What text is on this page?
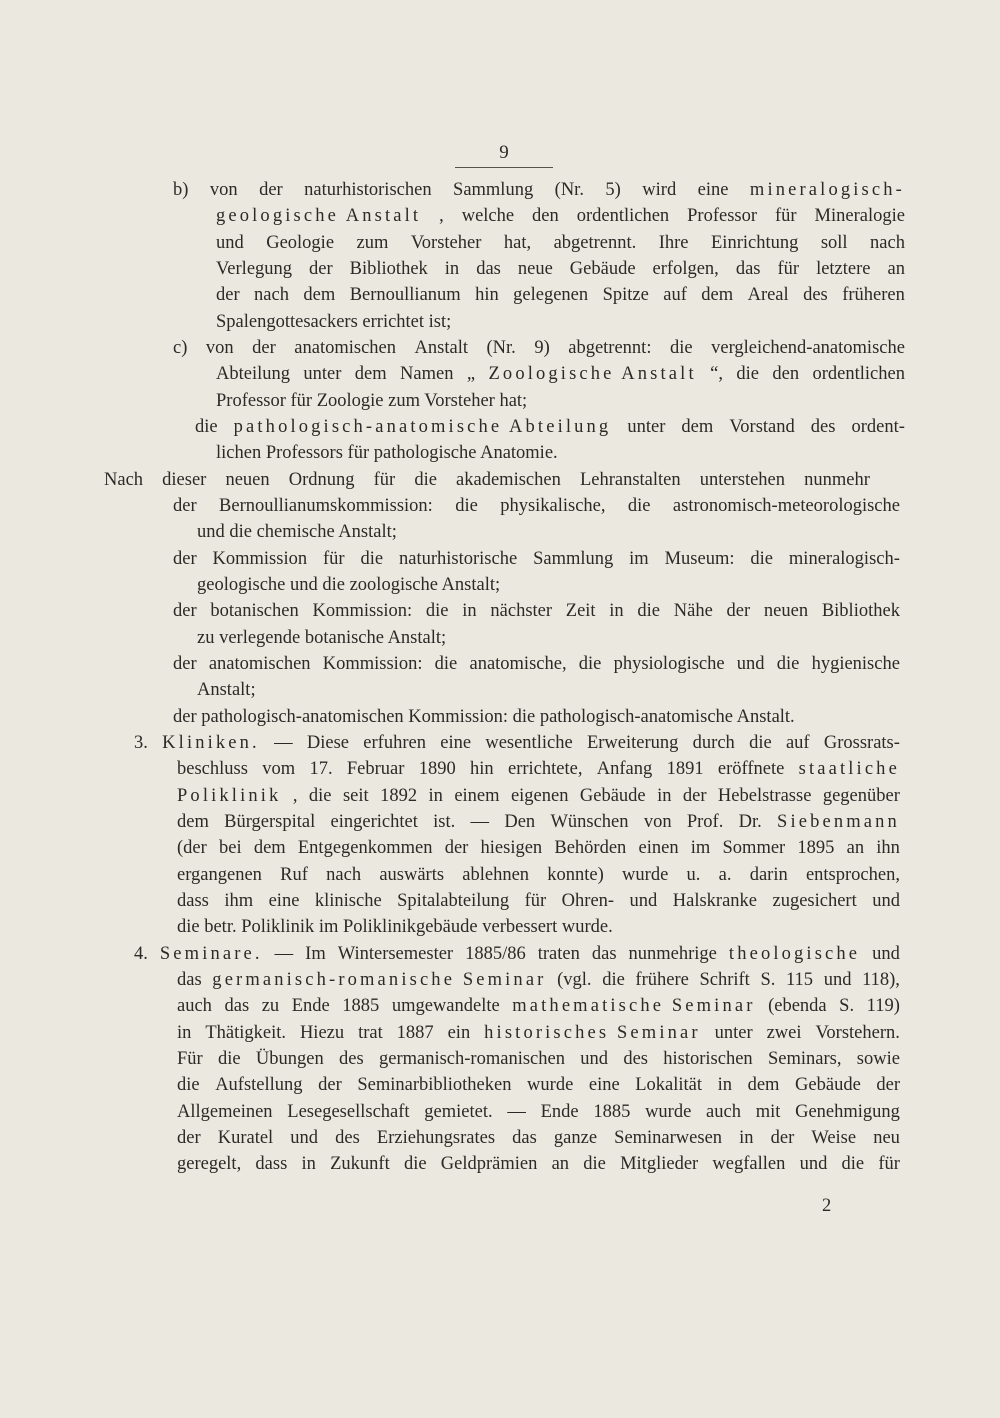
9
b) von der naturhistorischen Sammlung (Nr. 5) wird eine mineralogisch-
geologische Anstalt , welche den ordentlichen Professor für Mineralogie
und Geologie zum Vorsteher hat, abgetrennt. Ihre Einrichtung soll nach
Verlegung der Bibliothek in das neue Gebäude erfolgen, das für letztere an
der nach dem Bernoullianum hin gelegenen Spitze auf dem Areal des früheren
Spalengottesackers errichtet ist;
c) von der anatomischen Anstalt (Nr. 9) abgetrennt: die vergleichend-anatomische
Abteilung unter dem Namen „ Zoologische Anstalt “, die den ordentlichen
Professor für Zoologie zum Vorsteher hat;
die pathologisch-anatomische Abteilung unter dem Vorstand des ordent-
lichen Professors für pathologische Anatomie.
Nach dieser neuen Ordnung für die akademischen Lehranstalten unterstehen nunmehr
der Bernoullianumskommission: die physikalische, die astronomisch-meteorologische
und die chemische Anstalt;
der Kommission für die naturhistorische Sammlung im Museum: die mineralogisch-
geologische und die zoologische Anstalt;
der botanischen Kommission: die in nächster Zeit in die Nähe der neuen Bibliothek
zu verlegende botanische Anstalt;
der anatomischen Kommission: die anatomische, die physiologische und die hygienische
Anstalt;
der pathologisch-anatomischen Kommission: die pathologisch-anatomische Anstalt.
3. Kliniken. — Diese erfuhren eine wesentliche Erweiterung durch die auf Grossrats-
beschluss vom 17. Februar 1890 hin errichtete, Anfang 1891 eröffnete staatliche
Poliklinik , die seit 1892 in einem eigenen Gebäude in der Hebelstrasse gegenüber
dem Bürgerspital eingerichtet ist. — Den Wünschen von Prof. Dr. Siebenmann
(der bei dem Entgegenkommen der hiesigen Behörden einen im Sommer 1895 an ihn
ergangenen Ruf nach auswärts ablehnen konnte) wurde u. a. darin entsprochen,
dass ihm eine klinische Spitalabteilung für Ohren- und Halskranke zugesichert und
die betr. Poliklinik im Poliklinikgebäude verbessert wurde.
4. Seminare. — Im Wintersemester 1885/86 traten das nunmehrige theologische und
das germanisch-romanische Seminar (vgl. die frühere Schrift S. 115 und 118),
auch das zu Ende 1885 umgewandelte mathematische Seminar (ebenda S. 119)
in Thätigkeit. Hiezu trat 1887 ein historisches Seminar unter zwei Vorstehern.
Für die Übungen des germanisch-romanischen und des historischen Seminars, sowie
die Aufstellung der Seminarbibliotheken wurde eine Lokalität in dem Gebäude der
Allgemeinen Lesegesellschaft gemietet. — Ende 1885 wurde auch mit Genehmigung
der Kuratel und des Erziehungsrates das ganze Seminarwesen in der Weise neu
geregelt, dass in Zukunft die Geldprämien an die Mitglieder wegfallen und die für
2
